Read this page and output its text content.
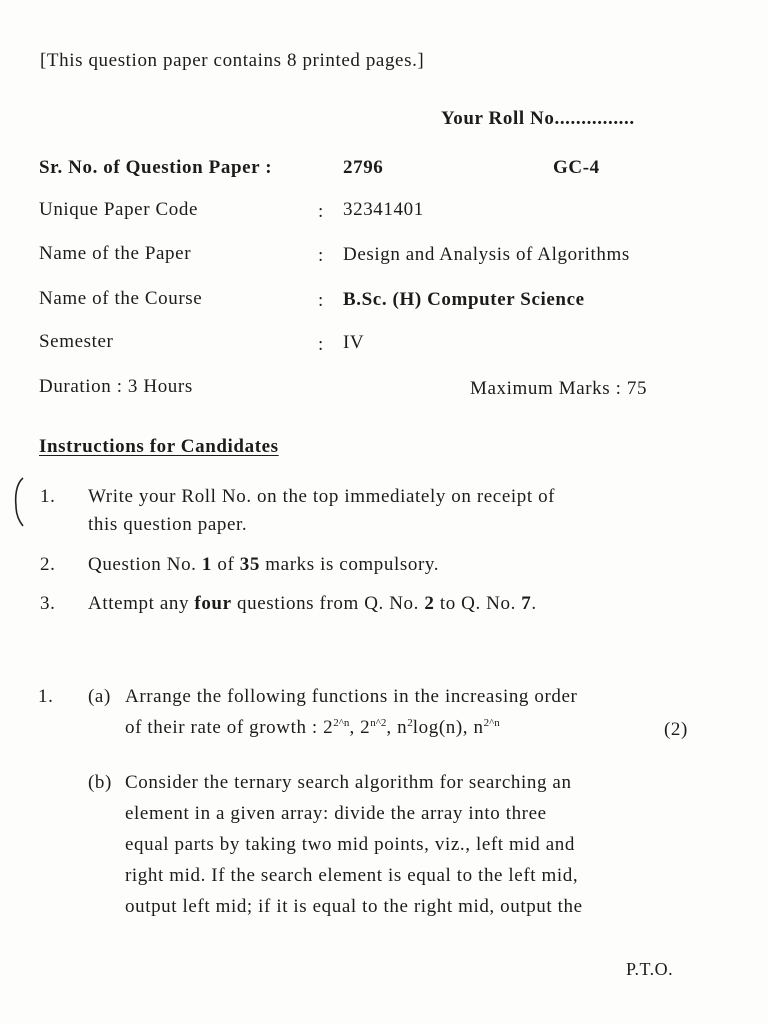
[This question paper contains 8 printed pages.]
Your Roll No...............
Sr. No. of Question Paper :	2796	GC-4
Unique Paper Code	: 32341401
Name of the Paper	: Design and Analysis of Algorithms
Name of the Course	: B.Sc. (H) Computer Science
Semester	: IV
Duration : 3 Hours	Maximum Marks : 75
Instructions for Candidates
1. Write your Roll No. on the top immediately on receipt of
this question paper.
2. Question No. 1 of 35 marks is compulsory.
3. Attempt any four questions from Q. No. 2 to Q. No. 7.
1. (a) Arrange the following functions in the increasing order
of their rate of growth : $2^{2\^{}n}$, $2^{n\^{}2}$, $n^2\log(n)$, $n^{2\^{}n}$	(2)
(b) Consider the ternary search algorithm for searching an
element in a given array: divide the array into three
equal parts by taking two mid points, viz., left mid and
right mid. If the search element is equal to the left mid,
output left mid; if it is equal to the right mid, output the
P.T.O.
